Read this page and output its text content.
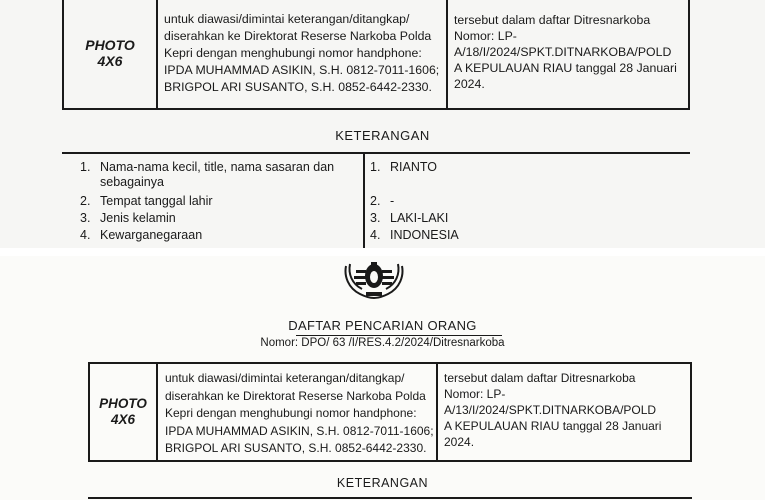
PHOTO
4X6
untuk diawasi/dimintai keterangan/ditangkap/
diserahkan ke Direktorat Reserse Narkoba Polda
Kepri dengan menghubungi nomor handphone:
IPDA MUHAMMAD ASIKIN, S.H. 0812-7011-1606;
BRIGPOL ARI SUSANTO, S.H. 0852-6442-2330.
tersebut dalam daftar Ditresnarkoba
Nomor: LP-
A/18/I/2024/SPKT.DITNARKOBA/POLD
A KEPULAUAN RIAU tanggal 28 Januari
2024.
KETERANGAN
1. Nama-nama kecil, title, nama sasaran dan
sebagainya
2. Tempat tanggal lahir
3. Jenis kelamin
4. Kewarganegaraan
1. RIANTO
2. -
3. LAKI-LAKI
4. INDONESIA
DAFTAR PENCARIAN ORANG
Nomor: DPO/ 63 /I/RES.4.2/2024/Ditresnarkoba
PHOTO
4X6
untuk diawasi/dimintai keterangan/ditangkap/
diserahkan ke Direktorat Reserse Narkoba Polda
Kepri dengan menghubungi nomor handphone:
IPDA MUHAMMAD ASIKIN, S.H. 0812-7011-1606;
BRIGPOL ARI SUSANTO, S.H. 0852-6442-2330.
tersebut dalam daftar Ditresnarkoba
Nomor: LP-
A/13/I/2024/SPKT.DITNARKOBA/POLD
A KEPULAUAN RIAU tanggal 28 Januari
2024.
KETERANGAN
